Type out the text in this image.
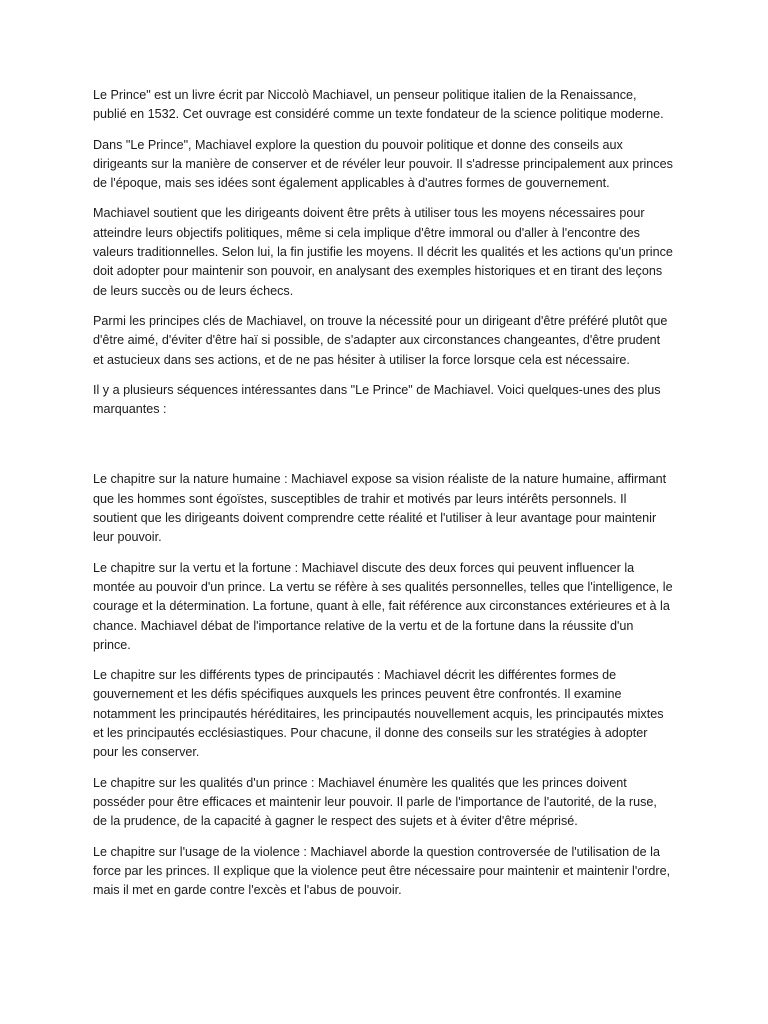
Le Prince" est un livre écrit par Niccolò Machiavel, un penseur politique italien de la Renaissance, publié en 1532. Cet ouvrage est considéré comme un texte fondateur de la science politique moderne.

Dans "Le Prince", Machiavel explore la question du pouvoir politique et donne des conseils aux dirigeants sur la manière de conserver et de révéler leur pouvoir. Il s'adresse principalement aux princes de l'époque, mais ses idées sont également applicables à d'autres formes de gouvernement.

Machiavel soutient que les dirigeants doivent être prêts à utiliser tous les moyens nécessaires pour atteindre leurs objectifs politiques, même si cela implique d'être immoral ou d'aller à l'encontre des valeurs traditionnelles. Selon lui, la fin justifie les moyens. Il décrit les qualités et les actions qu'un prince doit adopter pour maintenir son pouvoir, en analysant des exemples historiques et en tirant des leçons de leurs succès ou de leurs échecs.

Parmi les principes clés de Machiavel, on trouve la nécessité pour un dirigeant d'être préféré plutôt que d'être aimé, d'éviter d'être haï si possible, de s'adapter aux circonstances changeantes, d'être prudent et astucieux dans ses actions, et de ne pas hésiter à utiliser la force lorsque cela est nécessaire.

Il y a plusieurs séquences intéressantes dans "Le Prince" de Machiavel. Voici quelques-unes des plus marquantes :

Le chapitre sur la nature humaine : Machiavel expose sa vision réaliste de la nature humaine, affirmant que les hommes sont égoïstes, susceptibles de trahir et motivés par leurs intérêts personnels. Il soutient que les dirigeants doivent comprendre cette réalité et l'utiliser à leur avantage pour maintenir leur pouvoir.

Le chapitre sur la vertu et la fortune : Machiavel discute des deux forces qui peuvent influencer la montée au pouvoir d'un prince. La vertu se réfère à ses qualités personnelles, telles que l'intelligence, le courage et la détermination. La fortune, quant à elle, fait référence aux circonstances extérieures et à la chance. Machiavel débat de l'importance relative de la vertu et de la fortune dans la réussite d'un prince.

Le chapitre sur les différents types de principautés : Machiavel décrit les différentes formes de gouvernement et les défis spécifiques auxquels les princes peuvent être confrontés. Il examine notamment les principautés héréditaires, les principautés nouvellement acquis, les principautés mixtes et les principautés ecclésiastiques. Pour chacune, il donne des conseils sur les stratégies à adopter pour les conserver.

Le chapitre sur les qualités d'un prince : Machiavel énumère les qualités que les princes doivent posséder pour être efficaces et maintenir leur pouvoir. Il parle de l'importance de l'autorité, de la ruse, de la prudence, de la capacité à gagner le respect des sujets et à éviter d'être méprisé.

Le chapitre sur l'usage de la violence : Machiavel aborde la question controversée de l'utilisation de la force par les princes. Il explique que la violence peut être nécessaire pour maintenir et maintenir l'ordre, mais il met en garde contre l'excès et l'abus de pouvoir.
